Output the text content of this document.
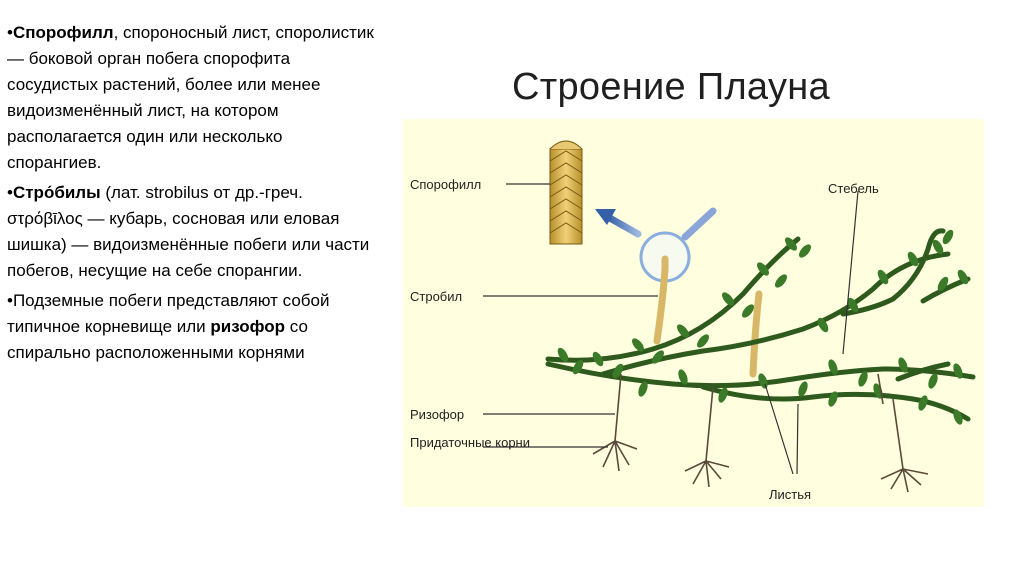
•Спорофилл, спороносный лист, споролистик — боковой орган побега спорофита сосудистых растений, более или менее видоизменённый лист, на котором располагается один или несколько спорангиев.

•Стро́билы (лат. strobilus от др.-греч. στρόβῑλος — кубарь, сосновая или еловая шишка) — видоизменённые побеги или части побегов, несущие на себе спорангии.

•Подземные побеги представляют собой типичное корневище или ризофор со спирально расположенными корнями

Строение Плауна
Спорофилл
Стробил
Ризофор
Придаточные корни
Стебель
Листья
